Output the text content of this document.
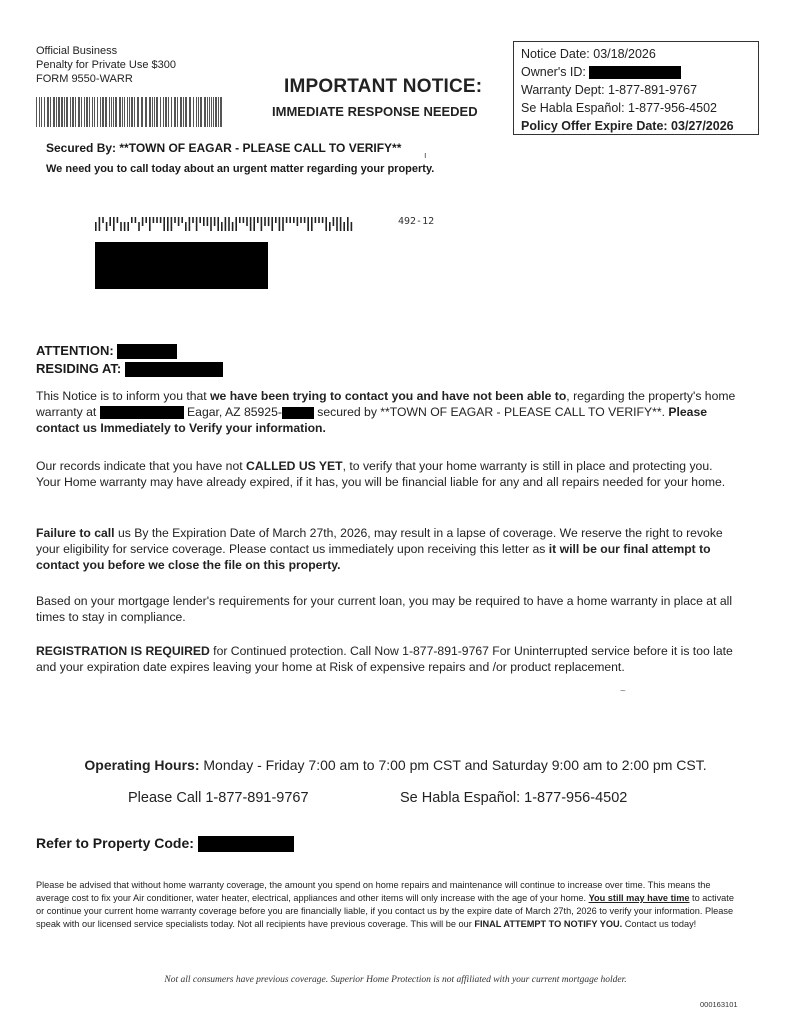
Official Business
Penalty for Private Use $300
FORM 9550-WARR	IMPORTANT NOTICE:
IMMEDIATE RESPONSE NEEDED
Notice Date: 03/18/2026
Owner's ID:
Warranty Dept: 1-877-891-9767
Se Habla Español: 1-877-956-4502
Policy Offer Expire Date: 03/27/2026
Secured By: **TOWN OF EAGAR - PLEASE CALL TO VERIFY**	ı
We need you to call today about an urgent matter regarding your property.
492-12
ATTENTION:
RESIDING AT:
This Notice is to inform you that we have been trying to contact you and have not been able to, regarding the property's home warranty at	Eagar, AZ 85925-	secured by **TOWN OF EAGAR - PLEASE CALL TO VERIFY**. Please contact us Immediately to Verify your information.
Our records indicate that you have not CALLED US YET, to verify that your home warranty is still in place and protecting you. Your Home warranty may have already expired, if it has, you will be financial liable for any and all repairs needed for your home.
Failure to call us By the Expiration Date of March 27th, 2026, may result in a lapse of coverage. We reserve the right to revoke your eligibility for service coverage. Please contact us immediately upon receiving this letter as it will be our final attempt to contact you before we close the file on this property.
Based on your mortgage lender's requirements for your current loan, you may be required to have a home warranty in place at all times to stay in compliance.
REGISTRATION IS REQUIRED for Continued protection. Call Now 1-877-891-9767 For Uninterrupted service before it is too late and your expiration date expires leaving your home at Risk of expensive repairs and /or product replacement.
~
Operating Hours: Monday - Friday 7:00 am to 7:00 pm CST and Saturday 9:00 am to 2:00 pm CST.
Please Call 1-877-891-9767	Se Habla Español: 1-877-956-4502
Refer to Property Code:
Please be advised that without home warranty coverage, the amount you spend on home repairs and maintenance will continue to increase over time. This means the average cost to fix your Air conditioner, water heater, electrical, appliances and other items will only increase with the age of your home. You still may have time to activate or continue your current home warranty coverage before you are financially liable, if you contact us by the expire date of March 27th, 2026 to verify your information. Please speak with our licensed service specialists today. Not all recipients have previous coverage. This will be our FINAL ATTEMPT TO NOTIFY YOU. Contact us today!
Not all consumers have previous coverage. Superior Home Protection is not affiliated with your current mortgage holder.
000163101
